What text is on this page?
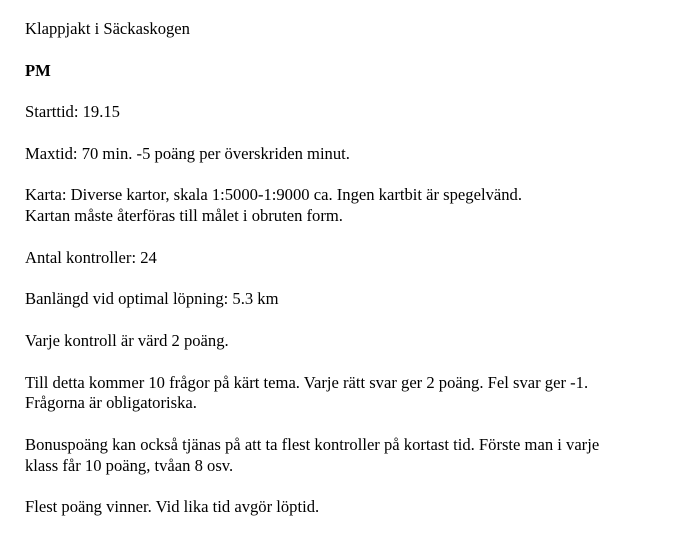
Klappjakt i Säckaskogen

PM

Starttid: 19.15

Maxtid: 70 min. -5 poäng per överskriden minut.

Karta: Diverse kartor, skala 1:5000-1:9000 ca. Ingen kartbit är spegelvänd.
Kartan måste återföras till målet i obruten form.

Antal kontroller: 24

Banlängd vid optimal löpning: 5.3 km

Varje kontroll är värd 2 poäng.

Till detta kommer 10 frågor på kärt tema. Varje rätt svar ger 2 poäng. Fel svar ger -1.
Frågorna är obligatoriska.

Bonuspoäng kan också tjänas på att ta flest kontroller på kortast tid. Förste man i varje
klass får 10 poäng, tvåan 8 osv.

Flest poäng vinner. Vid lika tid avgör löptid.
